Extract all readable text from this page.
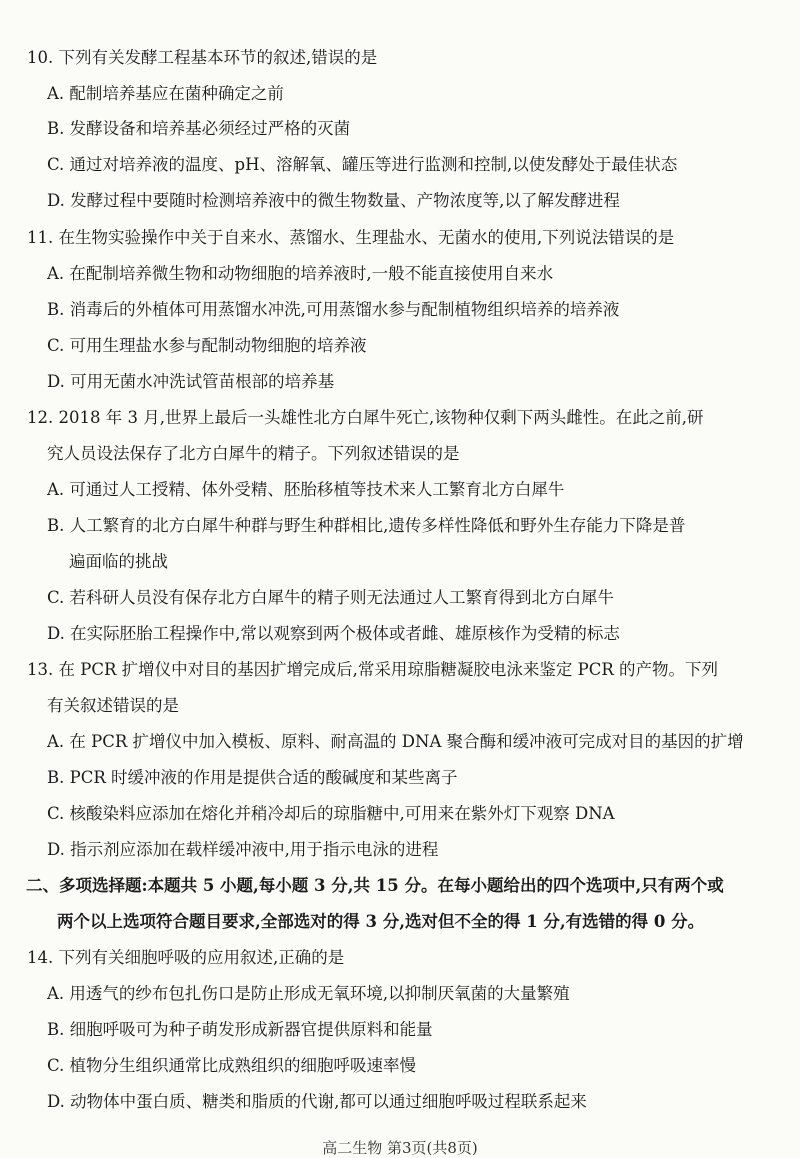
10. 下列有关发酵工程基本环节的叙述,错误的是
A. 配制培养基应在菌种确定之前
B. 发酵设备和培养基必须经过严格的灭菌
C. 通过对培养液的温度、pH、溶解氧、罐压等进行监测和控制,以使发酵处于最佳状态
D. 发酵过程中要随时检测培养液中的微生物数量、产物浓度等,以了解发酵进程
11. 在生物实验操作中关于自来水、蒸馏水、生理盐水、无菌水的使用,下列说法错误的是
A. 在配制培养微生物和动物细胞的培养液时,一般不能直接使用自来水
B. 消毒后的外植体可用蒸馏水冲洗,可用蒸馏水参与配制植物组织培养的培养液
C. 可用生理盐水参与配制动物细胞的培养液
D. 可用无菌水冲洗试管苗根部的培养基
12. 2018 年 3 月,世界上最后一头雄性北方白犀牛死亡,该物种仅剩下两头雌性。在此之前,研
究人员设法保存了北方白犀牛的精子。下列叙述错误的是
A. 可通过人工授精、体外受精、胚胎移植等技术来人工繁育北方白犀牛
B. 人工繁育的北方白犀牛种群与野生种群相比,遗传多样性降低和野外生存能力下降是普
遍面临的挑战
C. 若科研人员没有保存北方白犀牛的精子则无法通过人工繁育得到北方白犀牛
D. 在实际胚胎工程操作中,常以观察到两个极体或者雌、雄原核作为受精的标志
13. 在 PCR 扩增仪中对目的基因扩增完成后,常采用琼脂糖凝胶电泳来鉴定 PCR 的产物。下列
有关叙述错误的是
A. 在 PCR 扩增仪中加入模板、原料、耐高温的 DNA 聚合酶和缓冲液可完成对目的基因的扩增
B. PCR 时缓冲液的作用是提供合适的酸碱度和某些离子
C. 核酸染料应添加在熔化并稍冷却后的琼脂糖中,可用来在紫外灯下观察 DNA
D. 指示剂应添加在载样缓冲液中,用于指示电泳的进程
二、多项选择题:本题共 5 小题,每小题 3 分,共 15 分。在每小题给出的四个选项中,只有两个或
两个以上选项符合题目要求,全部选对的得 3 分,选对但不全的得 1 分,有选错的得 0 分。
14. 下列有关细胞呼吸的应用叙述,正确的是
A. 用透气的纱布包扎伤口是防止形成无氧环境,以抑制厌氧菌的大量繁殖
B. 细胞呼吸可为种子萌发形成新器官提供原料和能量
C. 植物分生组织通常比成熟组织的细胞呼吸速率慢
D. 动物体中蛋白质、糖类和脂质的代谢,都可以通过细胞呼吸过程联系起来
高二生物 第3页(共8页)
